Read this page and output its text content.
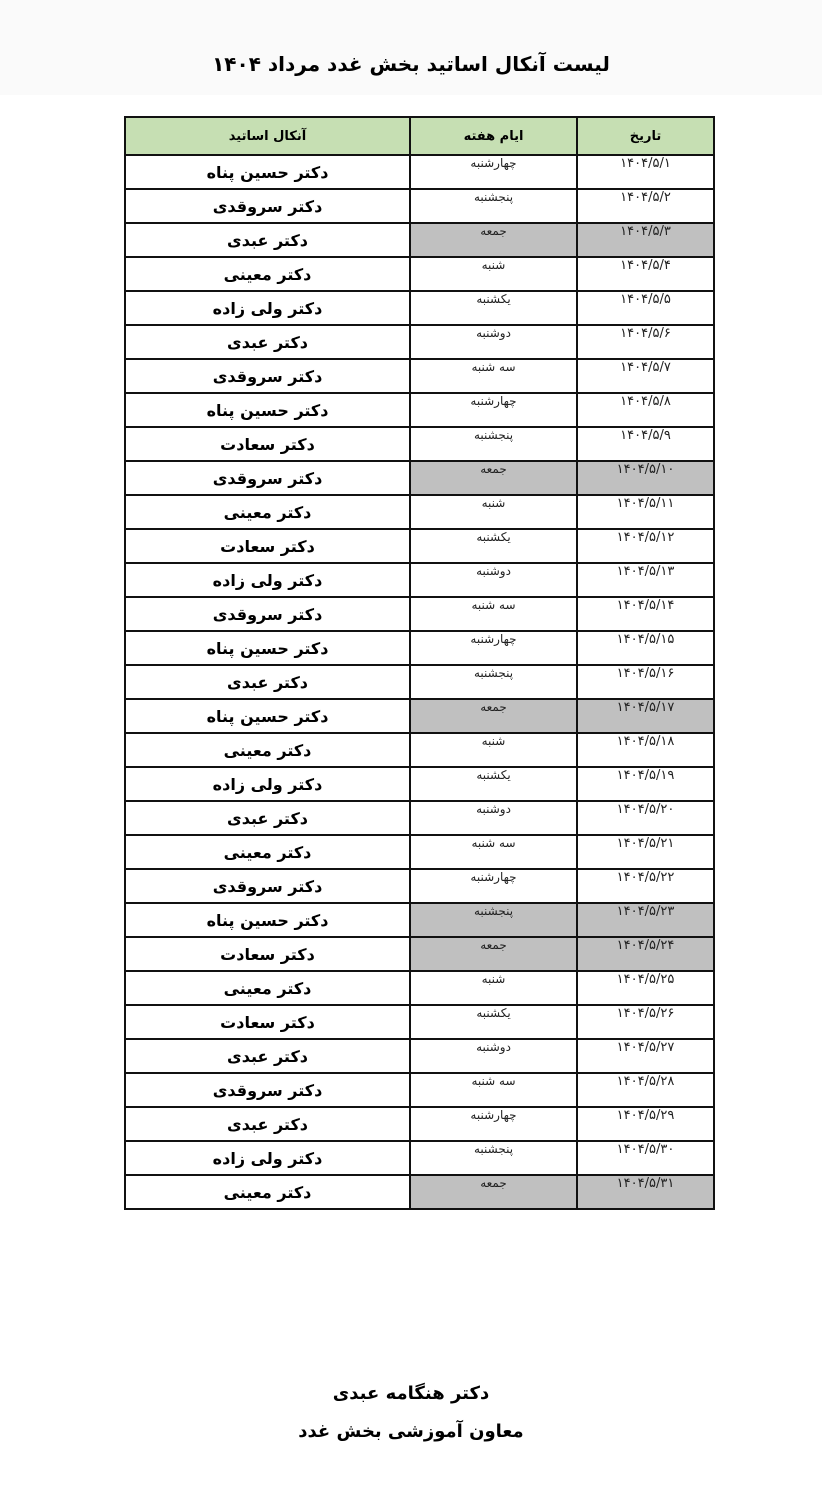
لیست آنکال اساتید بخش غدد مرداد ۱۴۰۴
تاریخ	ایام هفته	آنکال اساتید
۱۴۰۴/۵/۱	چهارشنبه	دکتر حسین پناه
۱۴۰۴/۵/۲	پنجشنبه	دکتر سروقدی
۱۴۰۴/۵/۳	جمعه	دکتر عبدی
۱۴۰۴/۵/۴	شنبه	دکتر معینی
۱۴۰۴/۵/۵	یکشنبه	دکتر ولی زاده
۱۴۰۴/۵/۶	دوشنبه	دکتر عبدی
۱۴۰۴/۵/۷	سه شنبه	دکتر سروقدی
۱۴۰۴/۵/۸	چهارشنبه	دکتر حسین پناه
۱۴۰۴/۵/۹	پنجشنبه	دکتر سعادت
۱۴۰۴/۵/۱۰	جمعه	دکتر سروقدی
۱۴۰۴/۵/۱۱	شنبه	دکتر معینی
۱۴۰۴/۵/۱۲	یکشنبه	دکتر سعادت
۱۴۰۴/۵/۱۳	دوشنبه	دکتر ولی زاده
۱۴۰۴/۵/۱۴	سه شنبه	دکتر سروقدی
۱۴۰۴/۵/۱۵	چهارشنبه	دکتر حسین پناه
۱۴۰۴/۵/۱۶	پنجشنبه	دکتر عبدی
۱۴۰۴/۵/۱۷	جمعه	دکتر حسین پناه
۱۴۰۴/۵/۱۸	شنبه	دکتر معینی
۱۴۰۴/۵/۱۹	یکشنبه	دکتر ولی زاده
۱۴۰۴/۵/۲۰	دوشنبه	دکتر عبدی
۱۴۰۴/۵/۲۱	سه شنبه	دکتر معینی
۱۴۰۴/۵/۲۲	چهارشنبه	دکتر سروقدی
۱۴۰۴/۵/۲۳	پنجشنبه	دکتر حسین پناه
۱۴۰۴/۵/۲۴	جمعه	دکتر سعادت
۱۴۰۴/۵/۲۵	شنبه	دکتر معینی
۱۴۰۴/۵/۲۶	یکشنبه	دکتر سعادت
۱۴۰۴/۵/۲۷	دوشنبه	دکتر عبدی
۱۴۰۴/۵/۲۸	سه شنبه	دکتر سروقدی
۱۴۰۴/۵/۲۹	چهارشنبه	دکتر عبدی
۱۴۰۴/۵/۳۰	پنجشنبه	دکتر ولی زاده
۱۴۰۴/۵/۳۱	جمعه	دکتر معینی
دکتر هنگامه عبدی
معاون آموزشی بخش غدد
